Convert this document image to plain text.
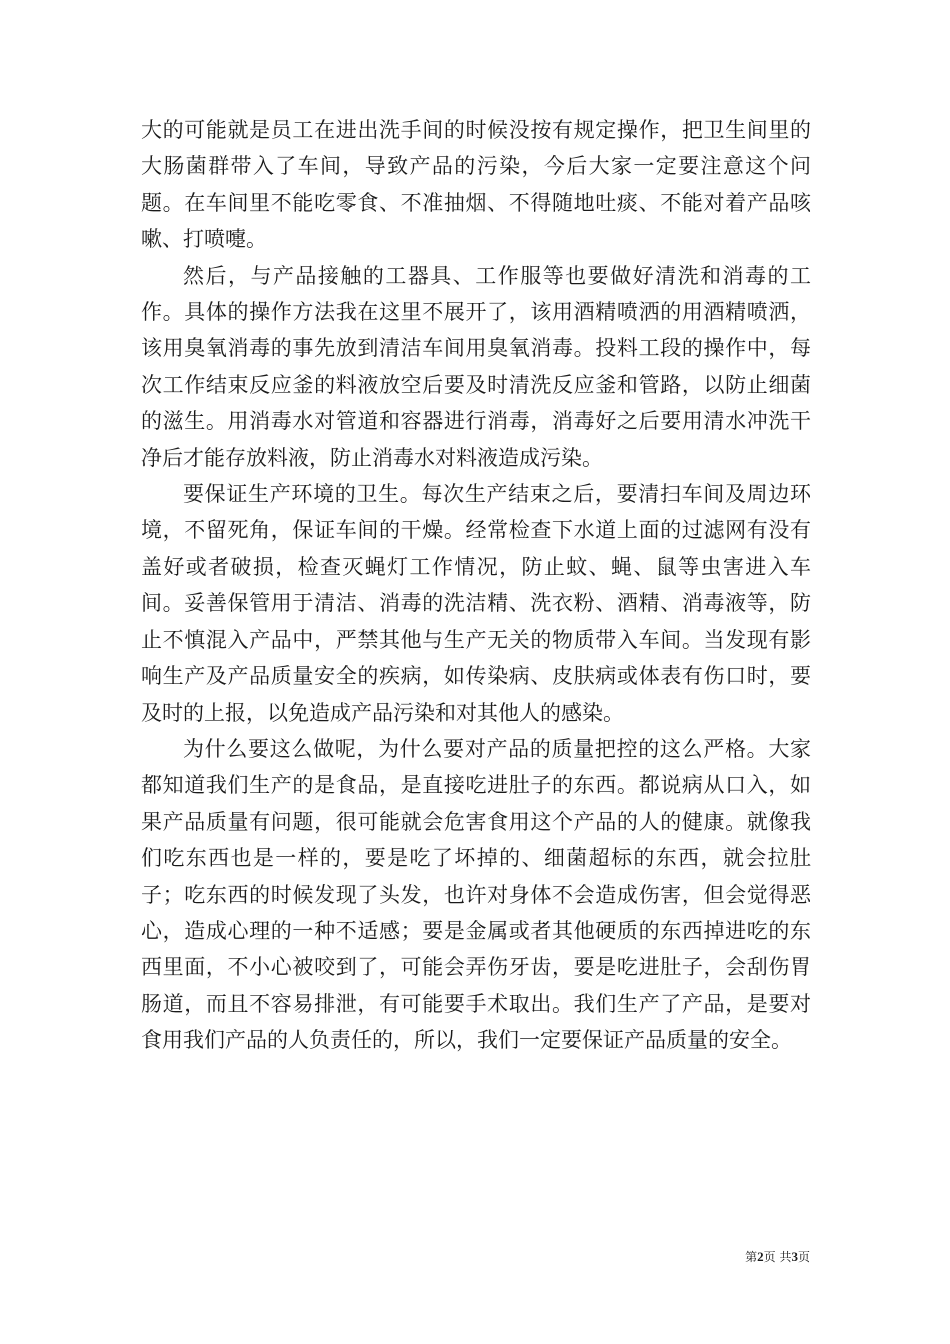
大的可能就是员工在进出洗手间的时候没按有规定操作，把卫生间里的大肠菌群带入了车间，导致产品的污染，今后大家一定要注意这个问题。在车间里不能吃零食、不准抽烟、不得随地吐痰、不能对着产品咳嗽、打喷嚏。

然后，与产品接触的工器具、工作服等也要做好清洗和消毒的工作。具体的操作方法我在这里不展开了，该用酒精喷洒的用酒精喷洒，该用臭氧消毒的事先放到清洁车间用臭氧消毒。投料工段的操作中，每次工作结束反应釜的料液放空后要及时清洗反应釜和管路，以防止细菌的滋生。用消毒水对管道和容器进行消毒，消毒好之后要用清水冲洗干净后才能存放料液，防止消毒水对料液造成污染。

要保证生产环境的卫生。每次生产结束之后，要清扫车间及周边环境，不留死角，保证车间的干燥。经常检查下水道上面的过滤网有没有盖好或者破损，检查灭蝇灯工作情况，防止蚊、蝇、鼠等虫害进入车间。妥善保管用于清洁、消毒的洗洁精、洗衣粉、酒精、消毒液等，防止不慎混入产品中，严禁其他与生产无关的物质带入车间。当发现有影响生产及产品质量安全的疾病，如传染病、皮肤病或体表有伤口时，要及时的上报，以免造成产品污染和对其他人的感染。

为什么要这么做呢，为什么要对产品的质量把控的这么严格。大家都知道我们生产的是食品，是直接吃进肚子的东西。都说病从口入，如果产品质量有问题，很可能就会危害食用这个产品的人的健康。就像我们吃东西也是一样的，要是吃了坏掉的、细菌超标的东西，就会拉肚子；吃东西的时候发现了头发，也许对身体不会造成伤害，但会觉得恶心，造成心理的一种不适感；要是金属或者其他硬质的东西掉进吃的东西里面，不小心被咬到了，可能会弄伤牙齿，要是吃进肚子，会刮伤胃肠道，而且不容易排泄，有可能要手术取出。我们生产了产品，是要对食用我们产品的人负责任的，所以，我们一定要保证产品质量的安全。

第2页 共3页
